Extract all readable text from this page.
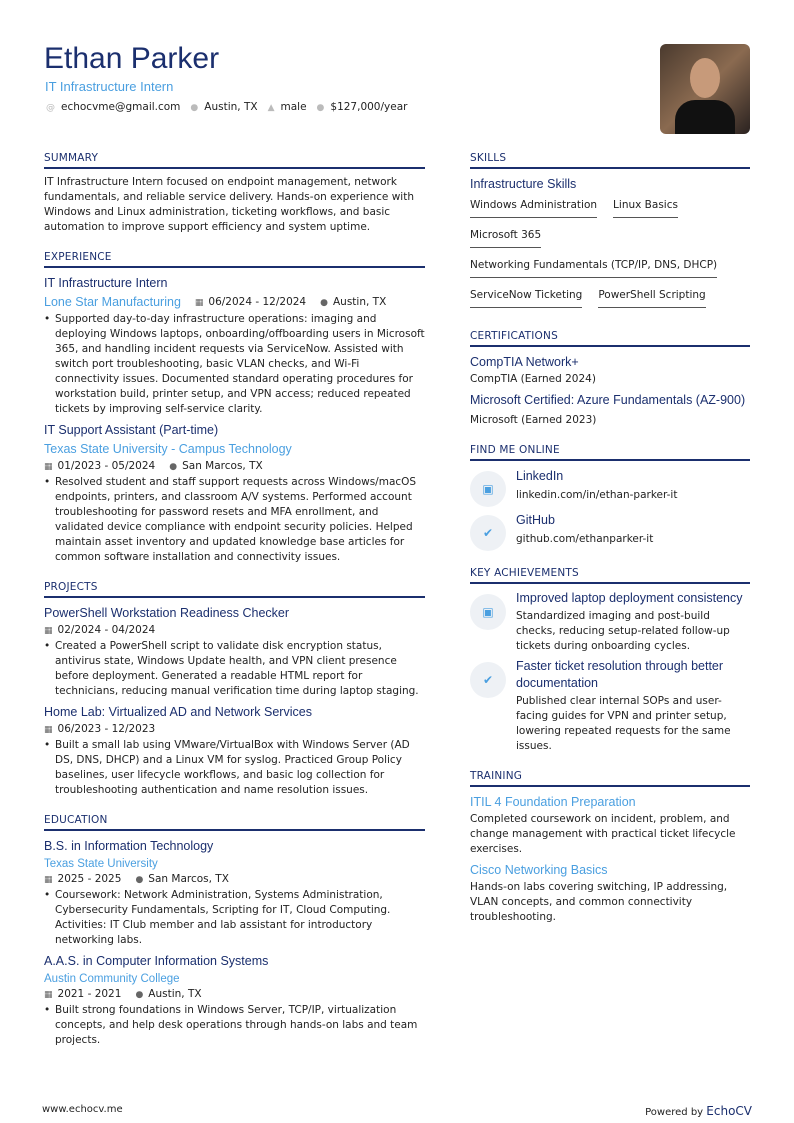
Ethan Parker
IT Infrastructure Intern
@ echocvme@gmail.com ● Austin, TX ▲ male ● $127,000/year
SUMMARY

IT Infrastructure Intern focused on endpoint management, network fundamentals, and reliable service delivery. Hands-on experience with Windows and Linux administration, ticketing workflows, and basic automation to improve support efficiency and system uptime.

EXPERIENCE
IT Infrastructure Intern
Lone Star Manufacturing ▦ 06/2024 - 12/2024 ● Austin, TX
• Supported day-to-day infrastructure operations: imaging and deploying Windows laptops, onboarding/offboarding users in Microsoft 365, and handling incident requests via ServiceNow. Assisted with switch port troubleshooting, basic VLAN checks, and Wi-Fi connectivity issues. Documented standard operating procedures for workstation build, printer setup, and VPN access; reduced repeated tickets by improving self-service clarity.
IT Support Assistant (Part-time)
Texas State University - Campus Technology
▦ 01/2023 - 05/2024 ● San Marcos, TX
• Resolved student and staff support requests across Windows/macOS endpoints, printers, and classroom A/V systems. Performed account troubleshooting for password resets and MFA enrollment, and validated device compliance with endpoint security policies. Helped maintain asset inventory and updated knowledge base articles for common software installation and connectivity issues.
PROJECTS
PowerShell Workstation Readiness Checker
▦ 02/2024 - 04/2024
• Created a PowerShell script to validate disk encryption status, antivirus state, Windows Update health, and VPN client presence before deployment. Generated a readable HTML report for technicians, reducing manual verification time during laptop staging.
Home Lab: Virtualized AD and Network Services
▦ 06/2023 - 12/2023
• Built a small lab using VMware/VirtualBox with Windows Server (AD DS, DNS, DHCP) and a Linux VM for syslog. Practiced Group Policy baselines, user lifecycle workflows, and basic log collection for troubleshooting authentication and name resolution issues.
EDUCATION
B.S. in Information Technology
Texas State University
▦ 2025 - 2025 ● San Marcos, TX
• Coursework: Network Administration, Systems Administration, Cybersecurity Fundamentals, Scripting for IT, Cloud Computing. Activities: IT Club member and lab assistant for introductory networking labs.
A.A.S. in Computer Information Systems
Austin Community College
▦ 2021 - 2021 ● Austin, TX
• Built strong foundations in Windows Server, TCP/IP, virtualization concepts, and help desk operations through hands-on labs and team projects.
SKILLS
Infrastructure Skills
Windows Administration Linux Basics
Microsoft 365
Networking Fundamentals (TCP/IP, DNS, DHCP)
ServiceNow Ticketing PowerShell Scripting
CERTIFICATIONS
CompTIA Network+

CompTIA (Earned 2024)

Microsoft Certified: Azure Fundamentals (AZ-900)

Microsoft (Earned 2023)

FIND ME ONLINE
▣
LinkedIn

linkedin.com/in/ethan-parker-it

✔
GitHub

github.com/ethanparker-it

KEY ACHIEVEMENTS
▣
Improved laptop deployment consistency

Standardized imaging and post-build checks, reducing setup-related follow-up tickets during onboarding cycles.

✔
Faster ticket resolution through better documentation

Published clear internal SOPs and user-facing guides for VPN and printer setup, lowering repeated requests for the same issues.

TRAINING
ITIL 4 Foundation Preparation

Completed coursework on incident, problem, and change management with practical ticket lifecycle exercises.

Cisco Networking Basics

Hands-on labs covering switching, IP addressing, VLAN concepts, and common connectivity troubleshooting.

www.echocv.me	Powered by EchoCV
